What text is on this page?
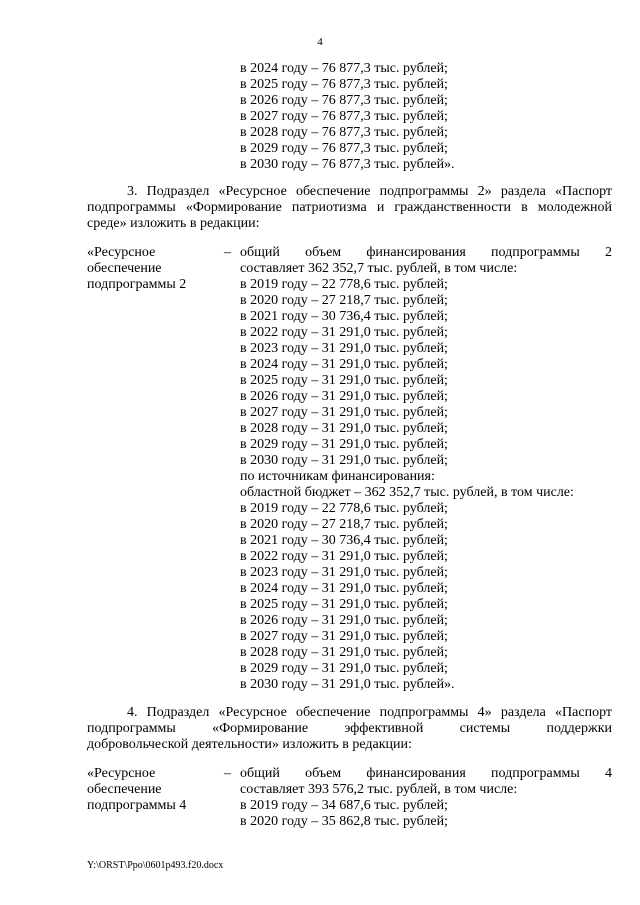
4
в 2024 году – 76 877,3 тыс. рублей;
в 2025 году – 76 877,3 тыс. рублей;
в 2026 году – 76 877,3 тыс. рублей;
в 2027 году – 76 877,3 тыс. рублей;
в 2028 году – 76 877,3 тыс. рублей;
в 2029 году – 76 877,3 тыс. рублей;
в 2030 году – 76 877,3 тыс. рублей».
3. Подраздел «Ресурсное обеспечение подпрограммы 2» раздела «Паспорт
подпрограммы «Формирование патриотизма и гражданственности в молодежной
среде» изложить в редакции:
«Ресурсное
обеспечение
подпрограммы 2
– общий объем финансирования подпрограммы 2
составляет 362 352,7 тыс. рублей, в том числе:
в 2019 году – 22 778,6 тыс. рублей;
в 2020 году – 27 218,7 тыс. рублей;
в 2021 году – 30 736,4 тыс. рублей;
в 2022 году – 31 291,0 тыс. рублей;
в 2023 году – 31 291,0 тыс. рублей;
в 2024 году – 31 291,0 тыс. рублей;
в 2025 году – 31 291,0 тыс. рублей;
в 2026 году – 31 291,0 тыс. рублей;
в 2027 году – 31 291,0 тыс. рублей;
в 2028 году – 31 291,0 тыс. рублей;
в 2029 году – 31 291,0 тыс. рублей;
в 2030 году – 31 291,0 тыс. рублей;
по источникам финансирования:
областной бюджет – 362 352,7 тыс. рублей, в том числе:
в 2019 году – 22 778,6 тыс. рублей;
в 2020 году – 27 218,7 тыс. рублей;
в 2021 году – 30 736,4 тыс. рублей;
в 2022 году – 31 291,0 тыс. рублей;
в 2023 году – 31 291,0 тыс. рублей;
в 2024 году – 31 291,0 тыс. рублей;
в 2025 году – 31 291,0 тыс. рублей;
в 2026 году – 31 291,0 тыс. рублей;
в 2027 году – 31 291,0 тыс. рублей;
в 2028 году – 31 291,0 тыс. рублей;
в 2029 году – 31 291,0 тыс. рублей;
в 2030 году – 31 291,0 тыс. рублей».
4. Подраздел «Ресурсное обеспечение подпрограммы 4» раздела «Паспорт
подпрограммы «Формирование эффективной системы поддержки
добровольческой деятельности» изложить в редакции:
«Ресурсное
обеспечение
подпрограммы 4
– общий объем финансирования подпрограммы 4
составляет 393 576,2 тыс. рублей, в том числе:
в 2019 году – 34 687,6 тыс. рублей;
в 2020 году – 35 862,8 тыс. рублей;
Y:\ORST\Ppo\0601p493.f20.docx
